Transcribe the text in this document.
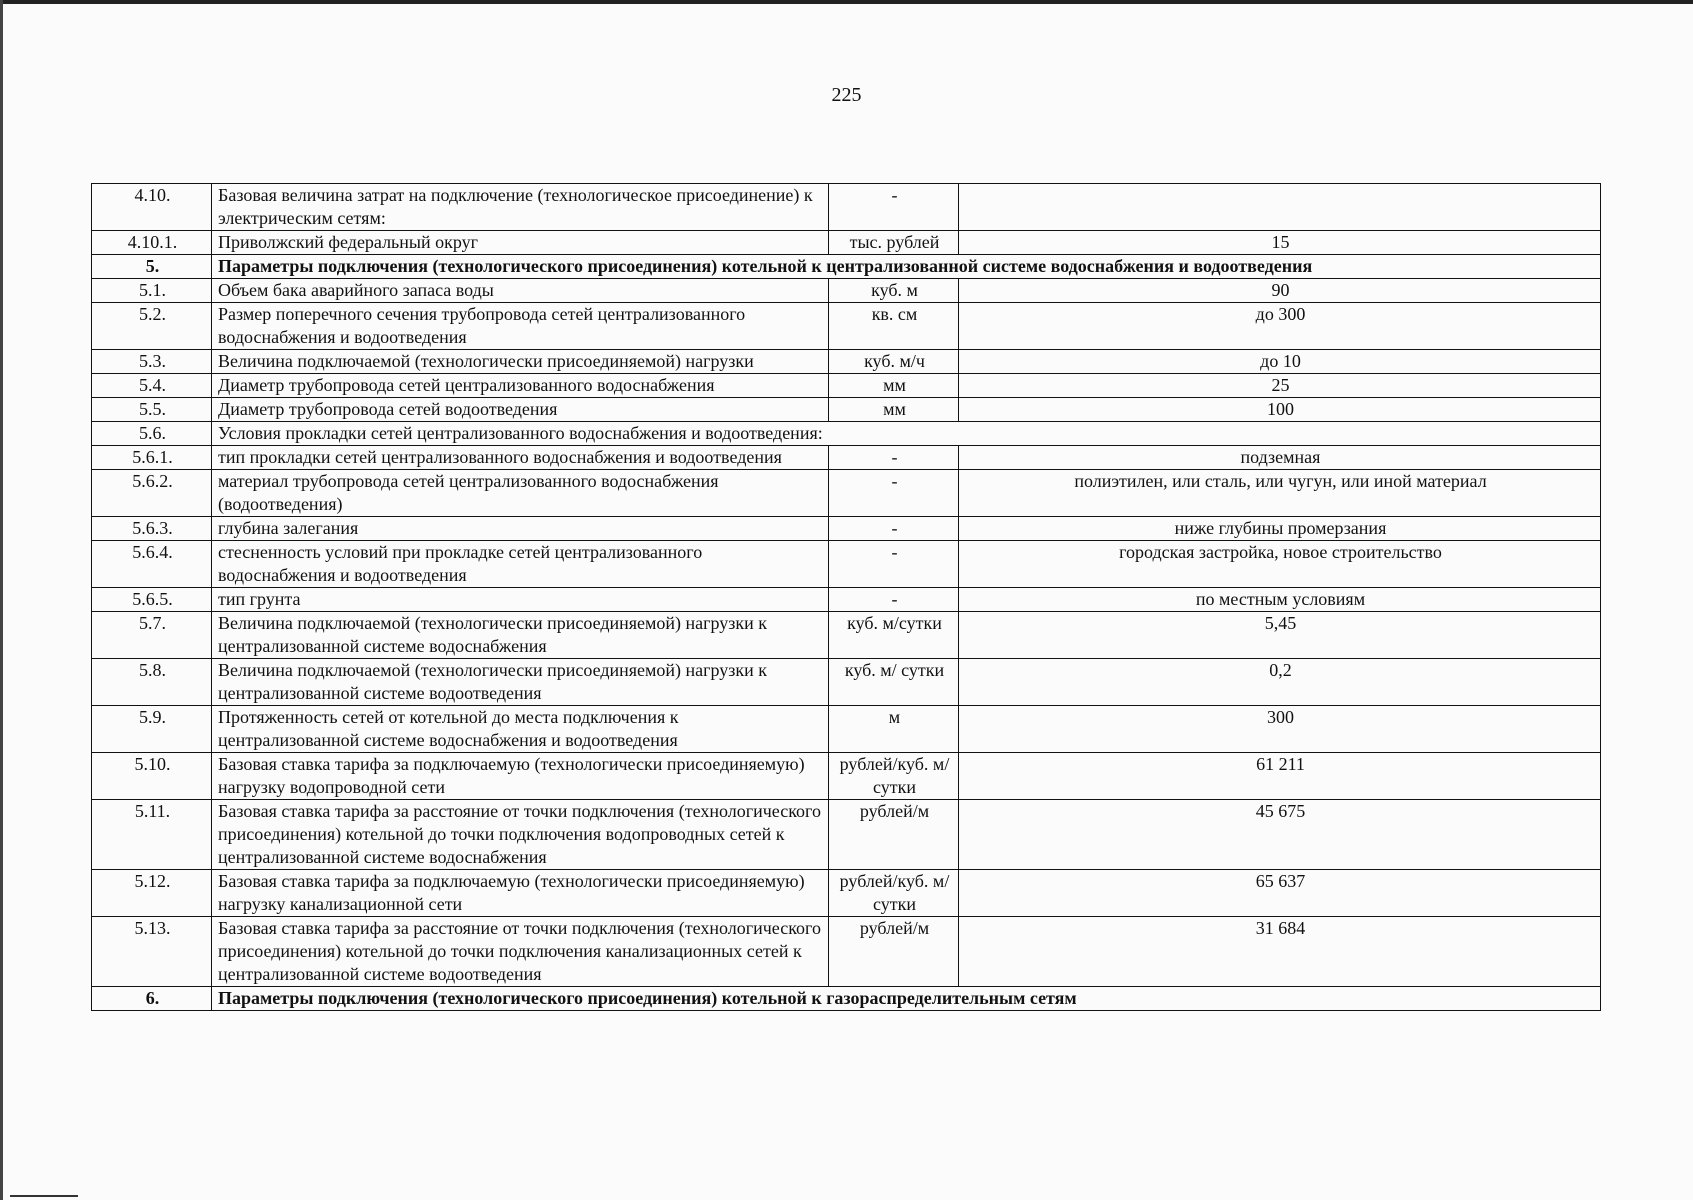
225
4.10.	Базовая величина затрат на подключение (технологическое присоединение) к электрическим сетям:	-	
4.10.1.	Приволжский федеральный округ	тыс. рублей	15
5.	Параметры подключения (технологического присоединения) котельной к централизованной системе водоснабжения и водоотведения		
5.1.	Объем бака аварийного запаса воды	куб. м	90
5.2.	Размер поперечного сечения трубопровода сетей централизованного водоснабжения и водоотведения	кв. см	до 300
5.3.	Величина подключаемой (технологически присоединяемой) нагрузки	куб. м/ч	до 10
5.4.	Диаметр трубопровода сетей централизованного водоснабжения	мм	25
5.5.	Диаметр трубопровода сетей водоотведения	мм	100
5.6.	Условия прокладки сетей централизованного водоснабжения и водоотведения:		
5.6.1.	тип прокладки сетей централизованного водоснабжения и водоотведения	-	подземная
5.6.2.	материал трубопровода сетей централизованного водоснабжения (водоотведения)	-	полиэтилен, или сталь, или чугун, или иной материал
5.6.3.	глубина залегания	-	ниже глубины промерзания
5.6.4.	стесненность условий при прокладке сетей централизованного водоснабжения и водоотведения	-	городская застройка, новое строительство
5.6.5.	тип грунта	-	по местным условиям
5.7.	Величина подключаемой (технологически присоединяемой) нагрузки к централизованной системе водоснабжения	куб. м/сутки	5,45
5.8.	Величина подключаемой (технологически присоединяемой) нагрузки к централизованной системе водоотведения	куб. м/ сутки	0,2
5.9.	Протяженность сетей от котельной до места подключения к централизованной системе водоснабжения и водоотведения	м	300
5.10.	Базовая ставка тарифа за подключаемую (технологически присоединяемую) нагрузку водопроводной сети	рублей/куб. м/сутки	61 211
5.11.	Базовая ставка тарифа за расстояние от точки подключения (технологического присоединения) котельной до точки подключения водопроводных сетей к централизованной системе водоснабжения	рублей/м	45 675
5.12.	Базовая ставка тарифа за подключаемую (технологически присоединяемую) нагрузку канализационной сети	рублей/куб. м/сутки	65 637
5.13.	Базовая ставка тарифа за расстояние от точки подключения (технологического присоединения) котельной до точки подключения канализационных сетей к централизованной системе водоотведения	рублей/м	31 684
6.	Параметры подключения (технологического присоединения) котельной к газораспределительным сетям		
